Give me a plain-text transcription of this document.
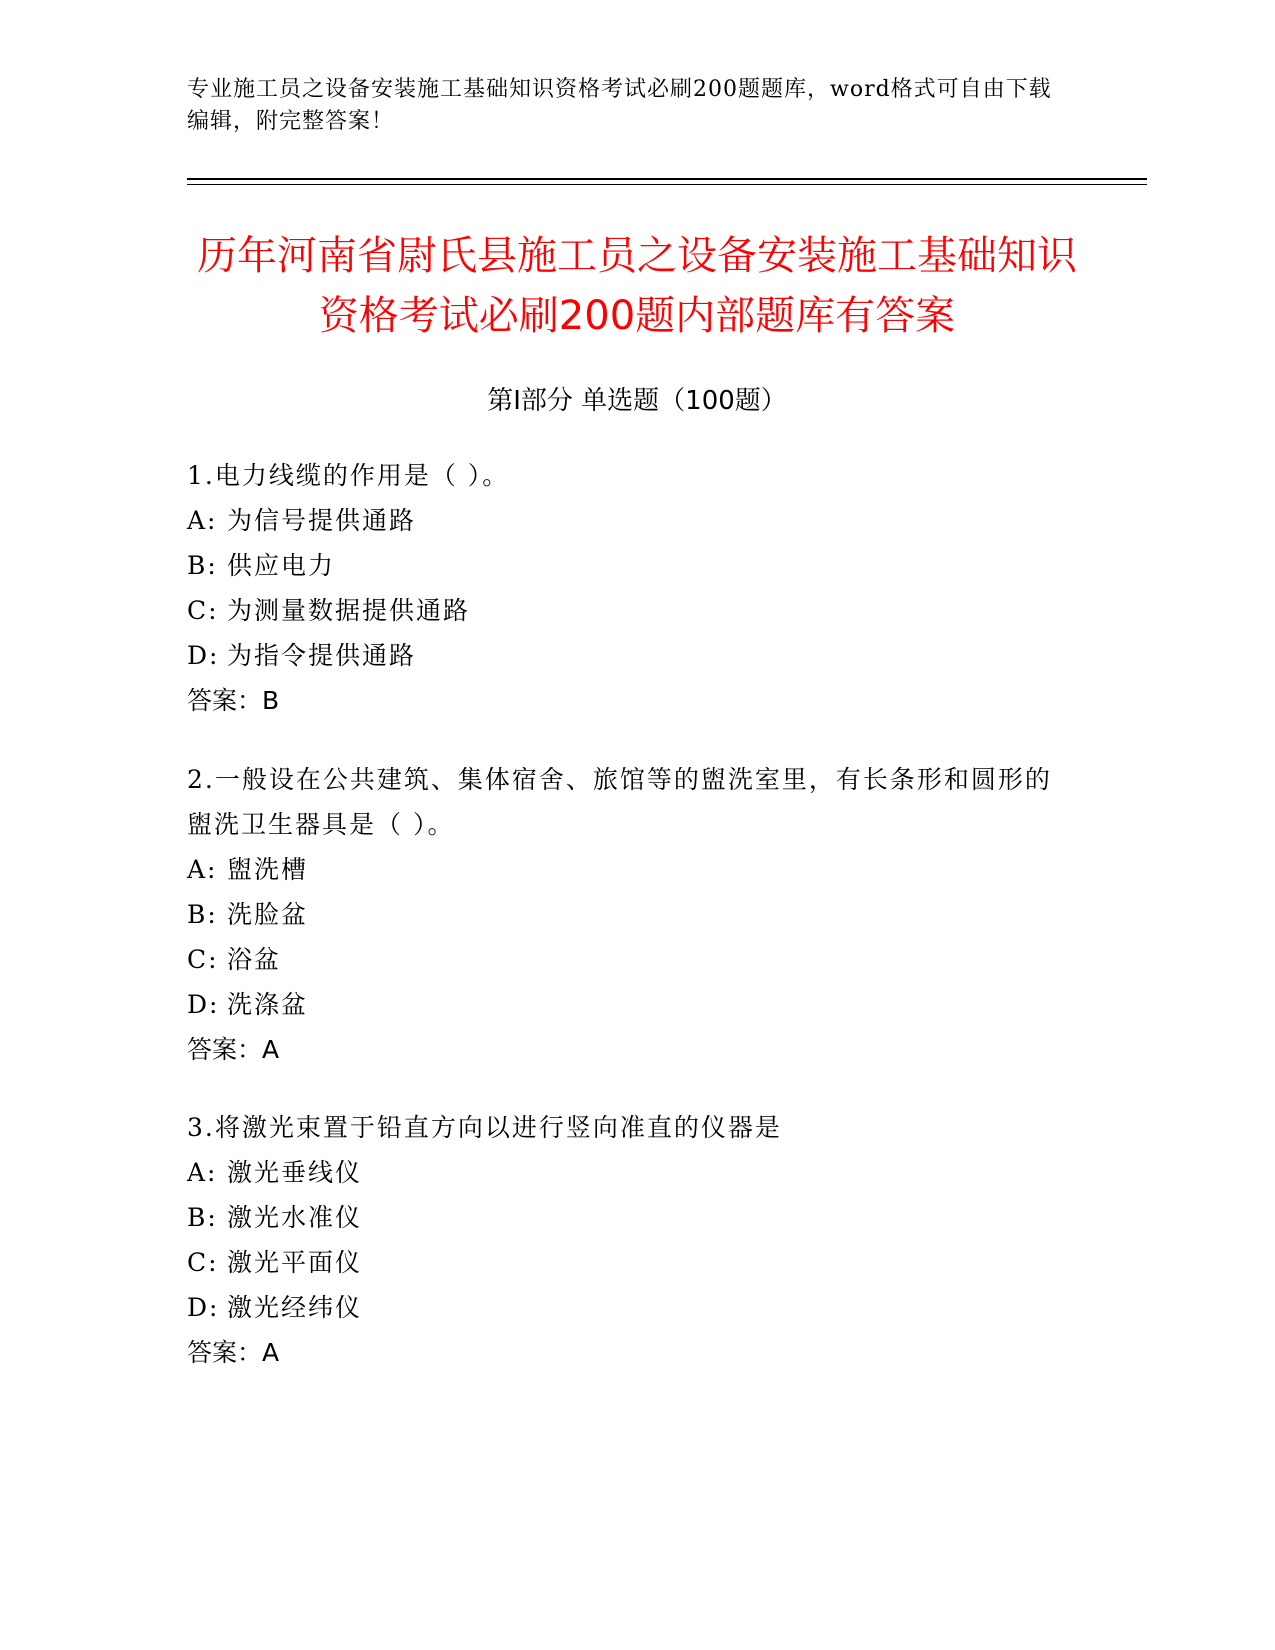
专业施工员之设备安装施工基础知识资格考试必刷200题题库，word格式可自由下载编辑，附完整答案！
历年河南省尉氏县施工员之设备安装施工基础知识资格考试必刷200题内部题库有答案
第Ⅰ部分 单选题（100题）
1.电力线缆的作用是（ ）。
A: 为信号提供通路
B: 供应电力
C: 为测量数据提供通路
D: 为指令提供通路
答案：B
2.一般设在公共建筑、集体宿舍、旅馆等的盥洗室里，有长条形和圆形的盥洗卫生器具是（ ）。
A: 盥洗槽
B: 洗脸盆
C: 浴盆
D: 洗涤盆
答案：A
3.将激光束置于铅直方向以进行竖向准直的仪器是
A: 激光垂线仪
B: 激光水准仪
C: 激光平面仪
D: 激光经纬仪
答案：A
